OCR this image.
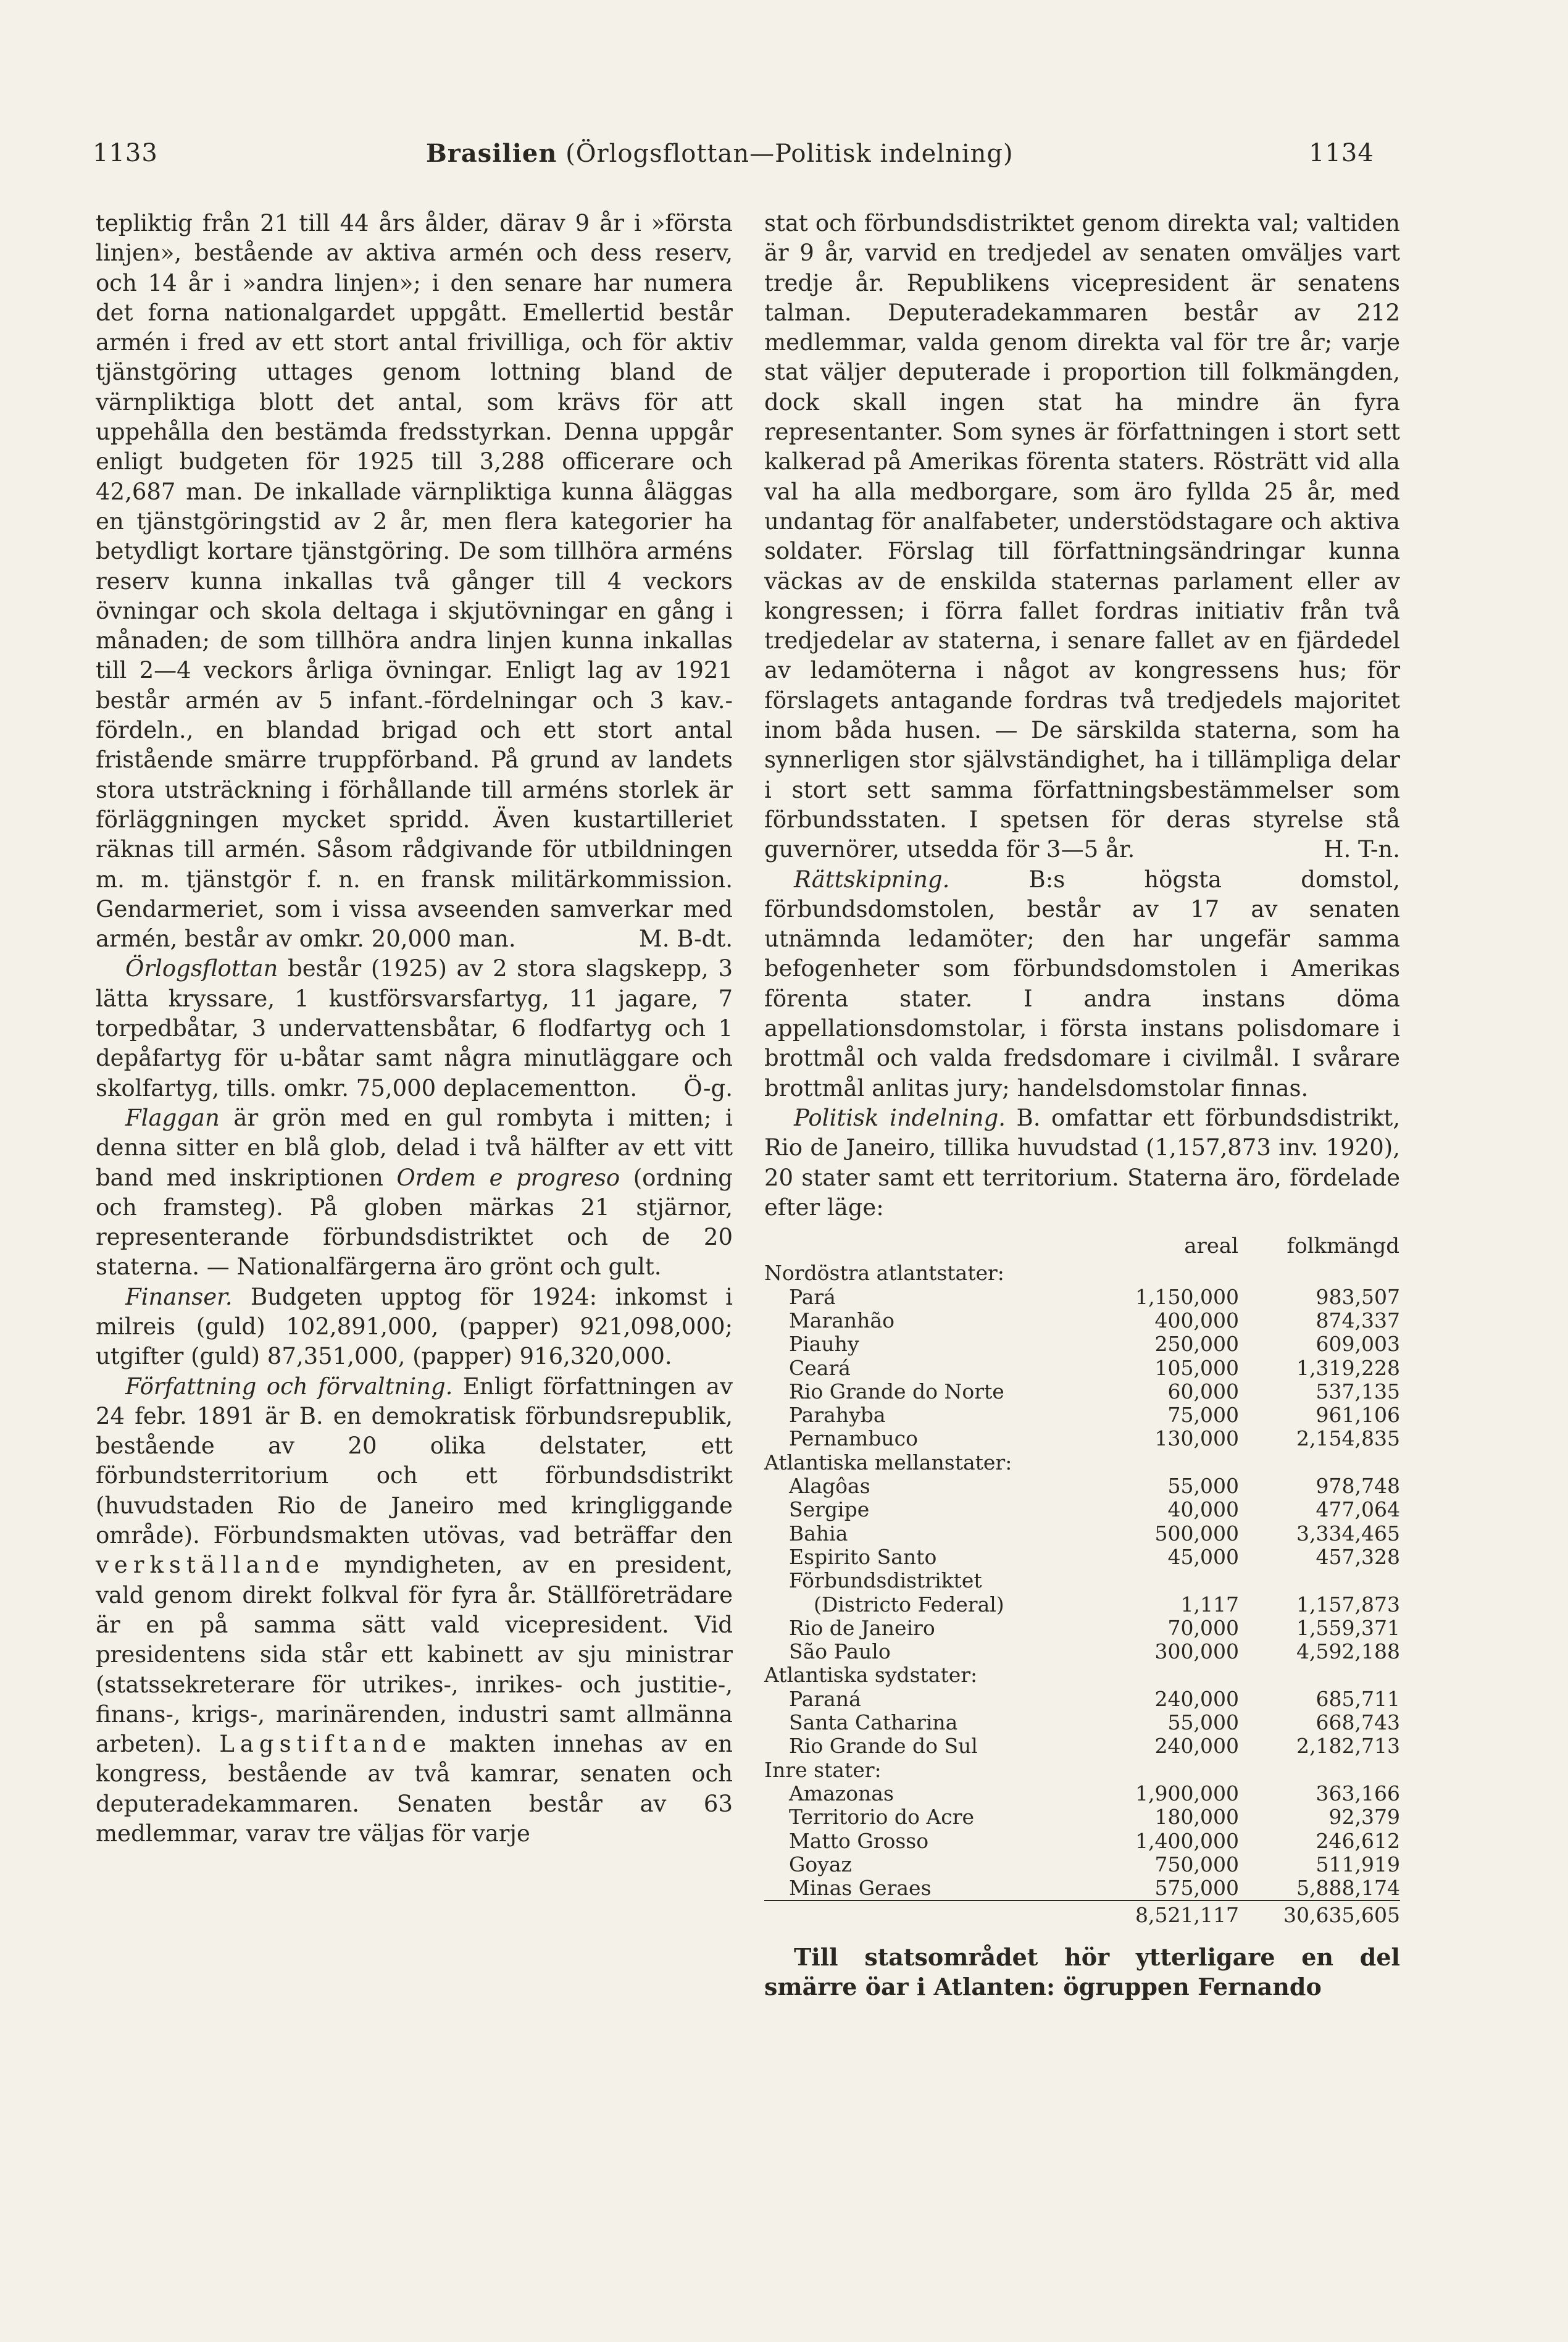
1133	Brasilien (Örlogsflottan—Politisk indelning)	1134

tepliktig från 21 till 44 års ålder, därav 9 år i »första linjen», bestående av aktiva armén och dess reserv, och 14 år i »andra linjen»; i den senare har numera det forna nationalgardet uppgått. Emellertid består armén i fred av ett stort antal frivilliga, och för aktiv tjänstgöring uttages genom lottning bland de värnpliktiga blott det antal, som krävs för att uppehålla den bestämda fredsstyrkan. Denna uppgår enligt budgeten för 1925 till 3,288 officerare och 42,687 man. De inkallade värnpliktiga kunna åläggas en tjänstgöringstid av 2 år, men flera kategorier ha betydligt kortare tjänstgöring. De som tillhöra arméns reserv kunna inkallas två gånger till 4 veckors övningar och skola deltaga i skjutövningar en gång i månaden; de som tillhöra andra linjen kunna inkallas till 2—4 veckors årliga övningar. Enligt lag av 1921 består armén av 5 infant.-fördelningar och 3 kav.-fördeln., en blandad brigad och ett stort antal fristående smärre truppförband. På grund av landets stora utsträckning i förhållande till arméns storlek är förläggningen mycket spridd. Även kustartilleriet räknas till armén. Såsom rådgivande för utbildningen m. m. tjänstgör f. n. en fransk militärkommission. Gendarmeriet, som i vissa avseenden samverkar med armén, består av omkr. 20,000 man.	M. B-dt.

Örlogsflottan består (1925) av 2 stora slagskepp, 3 lätta kryssare, 1 kustförsvarsfartyg, 11 jagare, 7 torpedbåtar, 3 undervattensbåtar, 6 flodfartyg och 1 depåfartyg för u-båtar samt några minutläggare och skolfartyg, tills. omkr. 75,000 deplacementton.	Ö-g.

Flaggan är grön med en gul rombyta i mitten; i denna sitter en blå glob, delad i två hälfter av ett vitt band med inskriptionen Ordem e progreso (ordning och framsteg). På globen märkas 21 stjärnor, representerande förbundsdistriktet och de 20 staterna. — Nationalfärgerna äro grönt och gult.

Finanser. Budgeten upptog för 1924: inkomst i milreis (guld) 102,891,000, (papper) 921,098,000; utgifter (guld) 87,351,000, (papper) 916,320,000.

Författning och förvaltning. Enligt författningen av 24 febr. 1891 är B. en demokratisk förbundsrepublik, bestående av 20 olika delstater, ett förbundsterritorium och ett förbundsdistrikt (huvudstaden Rio de Janeiro med kringliggande område). Förbundsmakten utövas, vad beträffar den verkställande myndigheten, av en president, vald genom direkt folkval för fyra år. Ställföreträdare är en på samma sätt vald vicepresident. Vid presidentens sida står ett kabinett av sju ministrar (statssekreterare för utrikes-, inrikes- och justitie-, finans-, krigs-, marinärenden, industri samt allmänna arbeten). Lagstiftande makten innehas av en kongress, bestående av två kamrar, senaten och deputeradekammaren. Senaten består av 63 medlemmar, varav tre väljas för varje

stat och förbundsdistriktet genom direkta val; valtiden är 9 år, varvid en tredjedel av senaten omväljes vart tredje år. Republikens vicepresident är senatens talman. Deputeradekammaren består av 212 medlemmar, valda genom direkta val för tre år; varje stat väljer deputerade i proportion till folkmängden, dock skall ingen stat ha mindre än fyra representanter. Som synes är författningen i stort sett kalkerad på Amerikas förenta staters. Rösträtt vid alla val ha alla medborgare, som äro fyllda 25 år, med undantag för analfabeter, understödstagare och aktiva soldater. Förslag till författningsändringar kunna väckas av de enskilda staternas parlament eller av kongressen; i förra fallet fordras initiativ från två tredjedelar av staterna, i senare fallet av en fjärdedel av ledamöterna i något av kongressens hus; för förslagets antagande fordras två tredjedels majoritet inom båda husen. — De särskilda staterna, som ha synnerligen stor självständighet, ha i tillämpliga delar i stort sett samma författningsbestämmelser som förbundsstaten. I spetsen för deras styrelse stå guvernörer, utsedda för 3—5 år.	H. T-n.

Rättskipning. B:s högsta domstol, förbundsdomstolen, består av 17 av senaten utnämnda ledamöter; den har ungefär samma befogenheter som förbundsdomstolen i Amerikas förenta stater. I andra instans döma appellationsdomstolar, i första instans polisdomare i brottmål och valda fredsdomare i civilmål. I svårare brottmål anlitas jury; handelsdomstolar finnas.

Politisk indelning. B. omfattar ett förbundsdistrikt, Rio de Janeiro, tillika huvudstad (1,157,873 inv. 1920), 20 stater samt ett territorium. Staterna äro, fördelade efter läge:

	areal	folkmängd
Nordöstra atlantstater:		
Pará	1,150,000	983,507
Maranhão	400,000	874,337
Piauhy	250,000	609,003
Ceará	105,000	1,319,228
Rio Grande do Norte	60,000	537,135
Parahyba	75,000	961,106
Pernambuco	130,000	2,154,835
Atlantiska mellanstater:		
Alagôas	55,000	978,748
Sergipe	40,000	477,064
Bahia	500,000	3,334,465
Espirito Santo	45,000	457,328
Förbundsdistriktet		
(Districto Federal)	1,117	1,157,873
Rio de Janeiro	70,000	1,559,371
São Paulo	300,000	4,592,188
Atlantiska sydstater:		
Paraná	240,000	685,711
Santa Catharina	55,000	668,743
Rio Grande do Sul	240,000	2,182,713
Inre stater:		
Amazonas	1,900,000	363,166
Territorio do Acre	180,000	92,379
Matto Grosso	1,400,000	246,612
Goyaz	750,000	511,919
Minas Geraes	575,000	5,888,174
	8,521,117	30,635,605

Till statsområdet hör ytterligare en del smärre öar i Atlanten: ögruppen Fernando
